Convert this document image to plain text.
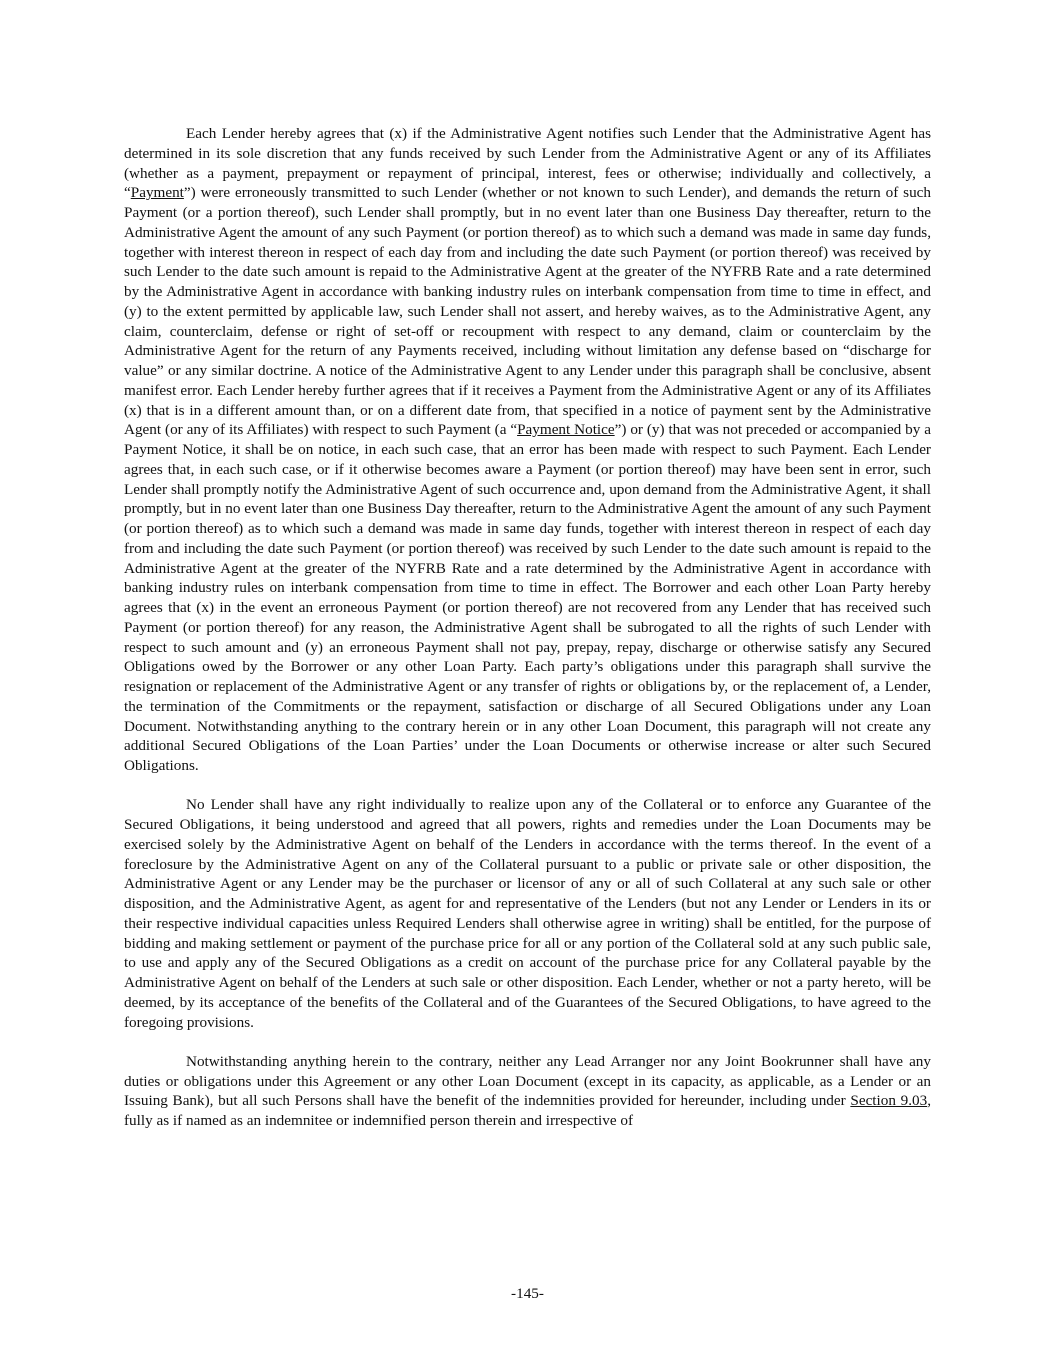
Each Lender hereby agrees that (x) if the Administrative Agent notifies such Lender that the Administrative Agent has determined in its sole discretion that any funds received by such Lender from the Administrative Agent or any of its Affiliates (whether as a payment, prepayment or repayment of principal, interest, fees or otherwise; individually and collectively, a “Payment”) were erroneously transmitted to such Lender (whether or not known to such Lender), and demands the return of such Payment (or a portion thereof), such Lender shall promptly, but in no event later than one Business Day thereafter, return to the Administrative Agent the amount of any such Payment (or portion thereof) as to which such a demand was made in same day funds, together with interest thereon in respect of each day from and including the date such Payment (or portion thereof) was received by such Lender to the date such amount is repaid to the Administrative Agent at the greater of the NYFRB Rate and a rate determined by the Administrative Agent in accordance with banking industry rules on interbank compensation from time to time in effect, and (y) to the extent permitted by applicable law, such Lender shall not assert, and hereby waives, as to the Administrative Agent, any claim, counterclaim, defense or right of set-off or recoupment with respect to any demand, claim or counterclaim by the Administrative Agent for the return of any Payments received, including without limitation any defense based on “discharge for value” or any similar doctrine. A notice of the Administrative Agent to any Lender under this paragraph shall be conclusive, absent manifest error. Each Lender hereby further agrees that if it receives a Payment from the Administrative Agent or any of its Affiliates (x) that is in a different amount than, or on a different date from, that specified in a notice of payment sent by the Administrative Agent (or any of its Affiliates) with respect to such Payment (a “Payment Notice”) or (y) that was not preceded or accompanied by a Payment Notice, it shall be on notice, in each such case, that an error has been made with respect to such Payment. Each Lender agrees that, in each such case, or if it otherwise becomes aware a Payment (or portion thereof) may have been sent in error, such Lender shall promptly notify the Administrative Agent of such occurrence and, upon demand from the Administrative Agent, it shall promptly, but in no event later than one Business Day thereafter, return to the Administrative Agent the amount of any such Payment (or portion thereof) as to which such a demand was made in same day funds, together with interest thereon in respect of each day from and including the date such Payment (or portion thereof) was received by such Lender to the date such amount is repaid to the Administrative Agent at the greater of the NYFRB Rate and a rate determined by the Administrative Agent in accordance with banking industry rules on interbank compensation from time to time in effect. The Borrower and each other Loan Party hereby agrees that (x) in the event an erroneous Payment (or portion thereof) are not recovered from any Lender that has received such Payment (or portion thereof) for any reason, the Administrative Agent shall be subrogated to all the rights of such Lender with respect to such amount and (y) an erroneous Payment shall not pay, prepay, repay, discharge or otherwise satisfy any Secured Obligations owed by the Borrower or any other Loan Party. Each party’s obligations under this paragraph shall survive the resignation or replacement of the Administrative Agent or any transfer of rights or obligations by, or the replacement of, a Lender, the termination of the Commitments or the repayment, satisfaction or discharge of all Secured Obligations under any Loan Document. Notwithstanding anything to the contrary herein or in any other Loan Document, this paragraph will not create any additional Secured Obligations of the Loan Parties’ under the Loan Documents or otherwise increase or alter such Secured Obligations.

No Lender shall have any right individually to realize upon any of the Collateral or to enforce any Guarantee of the Secured Obligations, it being understood and agreed that all powers, rights and remedies under the Loan Documents may be exercised solely by the Administrative Agent on behalf of the Lenders in accordance with the terms thereof. In the event of a foreclosure by the Administrative Agent on any of the Collateral pursuant to a public or private sale or other disposition, the Administrative Agent or any Lender may be the purchaser or licensor of any or all of such Collateral at any such sale or other disposition, and the Administrative Agent, as agent for and representative of the Lenders (but not any Lender or Lenders in its or their respective individual capacities unless Required Lenders shall otherwise agree in writing) shall be entitled, for the purpose of bidding and making settlement or payment of the purchase price for all or any portion of the Collateral sold at any such public sale, to use and apply any of the Secured Obligations as a credit on account of the purchase price for any Collateral payable by the Administrative Agent on behalf of the Lenders at such sale or other disposition. Each Lender, whether or not a party hereto, will be deemed, by its acceptance of the benefits of the Collateral and of the Guarantees of the Secured Obligations, to have agreed to the foregoing provisions.

Notwithstanding anything herein to the contrary, neither any Lead Arranger nor any Joint Bookrunner shall have any duties or obligations under this Agreement or any other Loan Document (except in its capacity, as applicable, as a Lender or an Issuing Bank), but all such Persons shall have the benefit of the indemnities provided for hereunder, including under Section 9.03, fully as if named as an indemnitee or indemnified person therein and irrespective of

-145-
